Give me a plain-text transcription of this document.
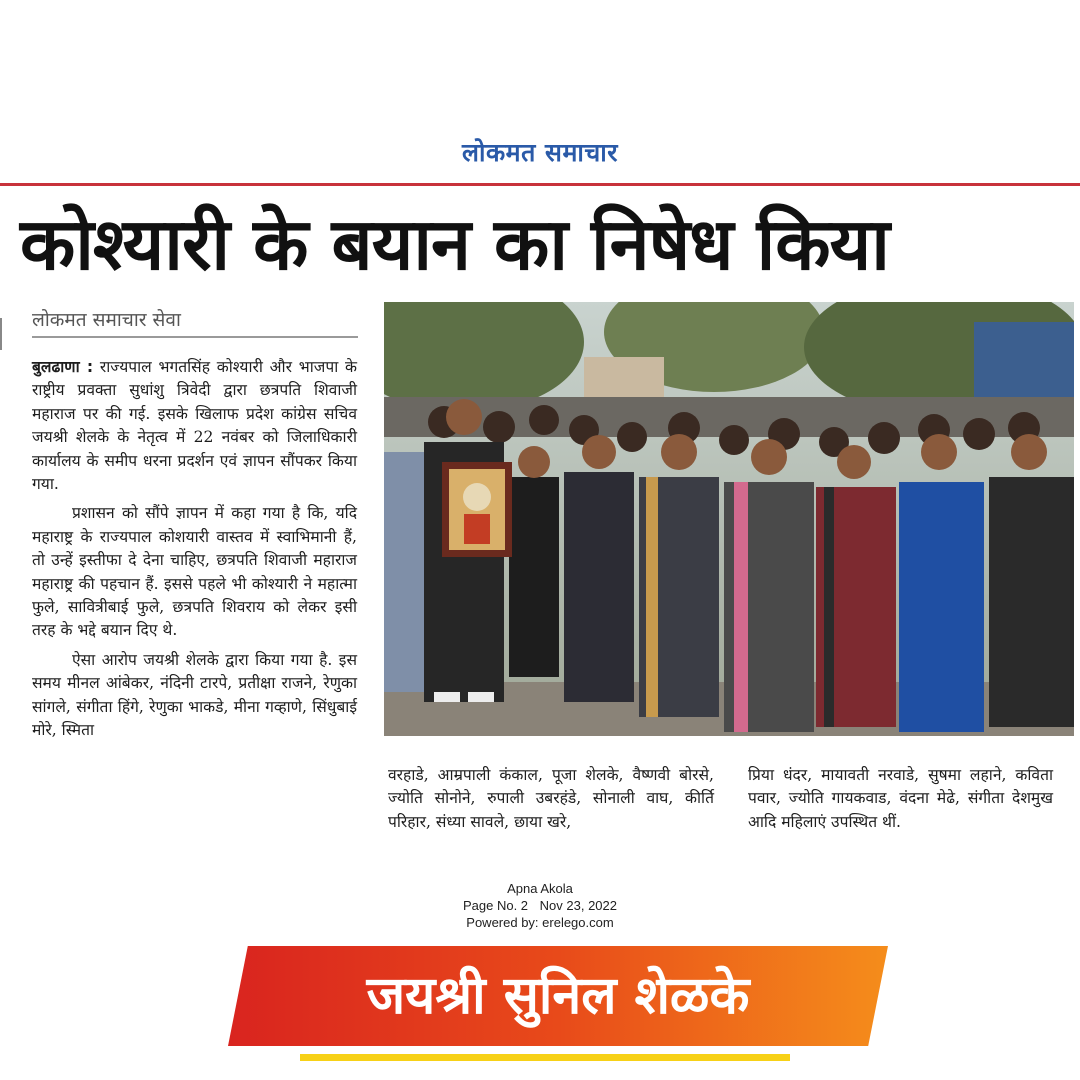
लोकमत समाचार
कोश्यारी के बयान का निषेध किया
लोकमत समाचार सेवा

बुलढाणा : राज्यपाल भगतसिंह कोश्यारी और भाजपा के राष्ट्रीय प्रवक्ता सुधांशु त्रिवेदी द्वारा छत्रपति शिवाजी महाराज पर की गई. इसके खिलाफ प्रदेश कांग्रेस सचिव जयश्री शेलके के नेतृत्व में 22 नवंबर को जिलाधिकारी कार्यालय के समीप धरना प्रदर्शन एवं ज्ञापन सौंपकर किया गया.

प्रशासन को सौंपे ज्ञापन में कहा गया है कि, यदि महाराष्ट्र के राज्यपाल कोशयारी वास्तव में स्वाभिमानी हैं, तो उन्हें इस्तीफा दे देना चाहिए, छत्रपति शिवाजी महाराज महाराष्ट्र की पहचान हैं. इससे पहले भी कोश्यारी ने महात्मा फुले, सावित्रीबाई फुले, छत्रपति शिवराय को लेकर इसी तरह के भद्दे बयान दिए थे.

ऐसा आरोप जयश्री शेलके द्वारा किया गया है. इस समय मीनल आंबेकर, नंदिनी टारपे, प्रतीक्षा राजने, रेणुका सांगले, संगीता हिंगे, रेणुका भाकडे, मीना गव्हाणे, सिंधुबाई मोरे, स्मिता

वरहाडे, आम्रपाली कंकाल, पूजा शेलके, वैष्णवी बोरसे, ज्योति सोनोने, रुपाली उबरहंडे, सोनाली वाघ, कीर्ति परिहार, संध्या सावले, छाया खरे,
प्रिया धंदर, मायावती नरवाडे, सुषमा लहाने, कविता पवार, ज्योति गायकवाड, वंदना मेढे, संगीता देशमुख आदि महिलाएं उपस्थित थीं.
Apna Akola
Page No. 2 Nov 23, 2022
Powered by: erelego.com
जयश्री सुनिल शेळके
